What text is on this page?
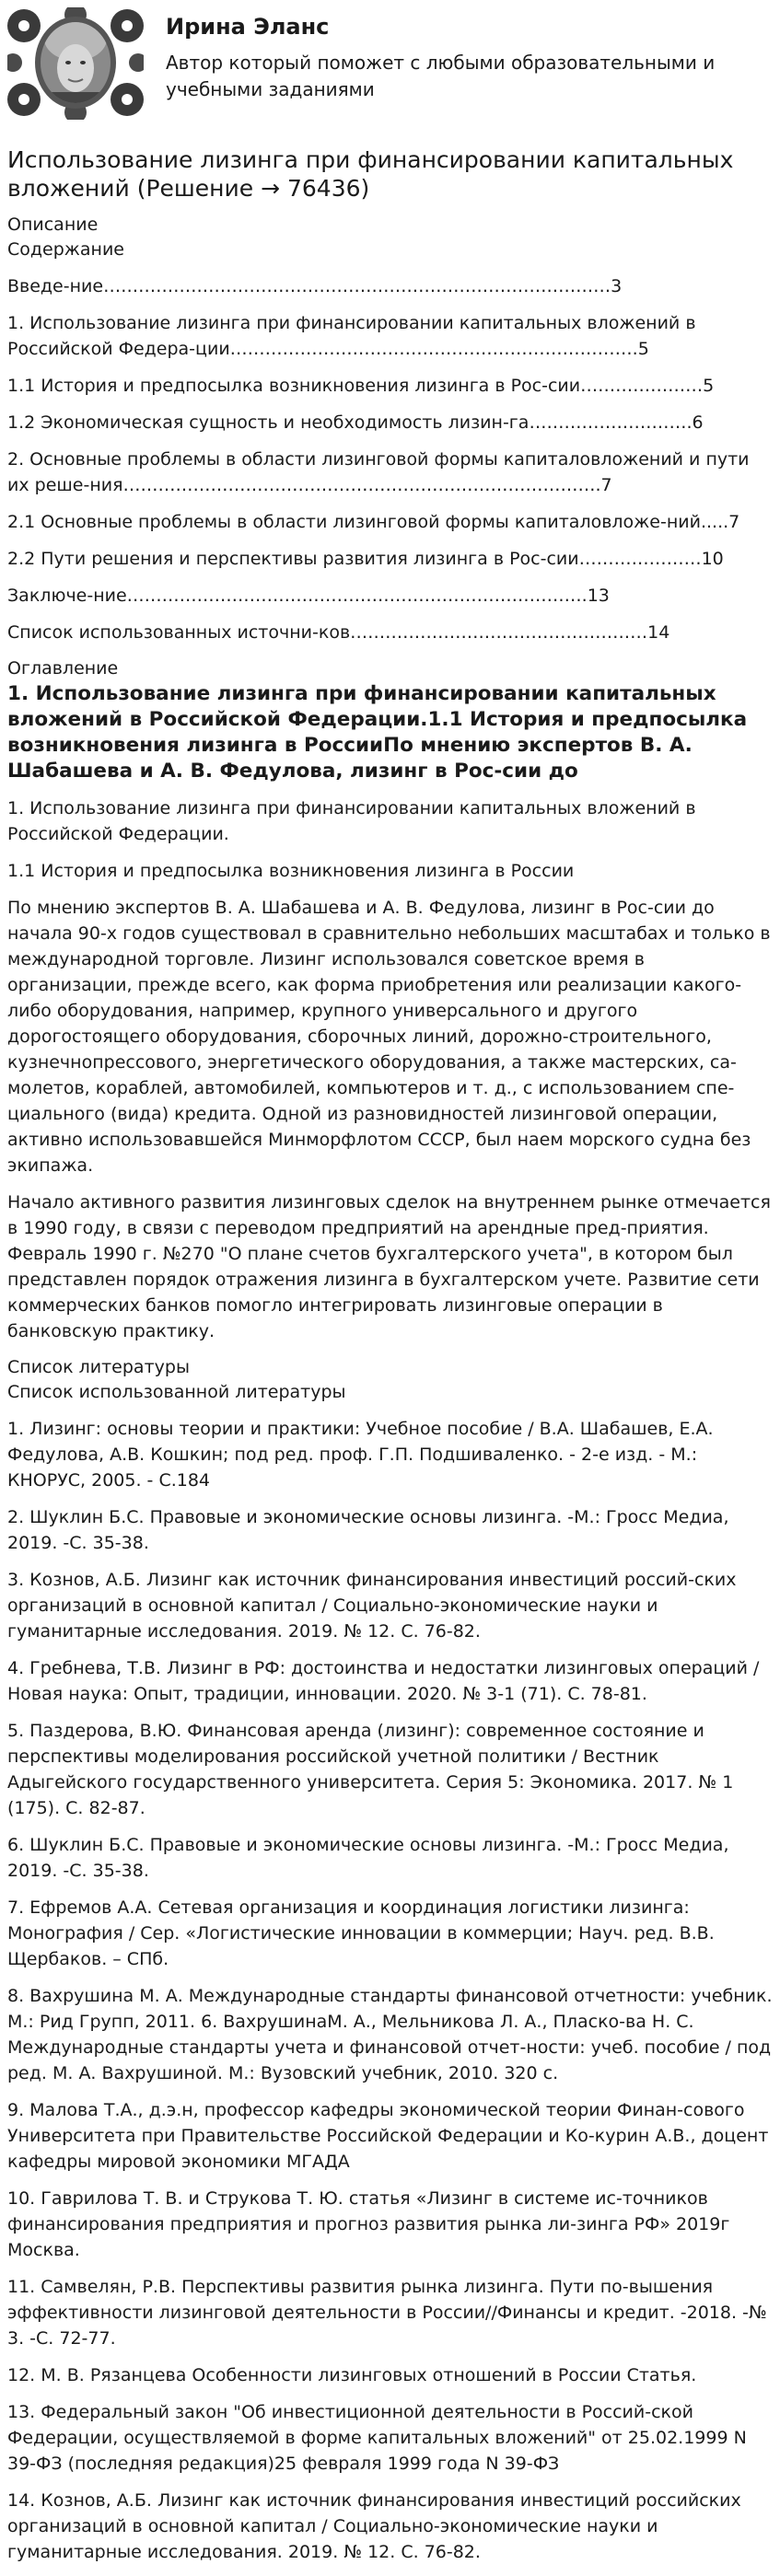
Ирина Эланс
Автор который поможет с любыми образовательными и учебными заданиями
Использование лизинга при финансировании капитальных вложений (Решение → 76436)
Описание
Содержание

Введе-ние……………………………………………………………………………3

1. Использование лизинга при финансировании капитальных вложений в Российской Федера-ции…………………………………………………………….5

1.1 История и предпосылка возникновения лизинга в Рос-сии…………………5

1.2 Экономическая сущность и необходимость лизин-га……………………….6

2. Основные проблемы в области лизинговой формы капиталовложений и пути их реше-ния……………………………………………………………………….7

2.1 Основные проблемы в области лизинговой формы капиталовложе-ний.....7

2.2 Пути решения и перспективы развития лизинга в Рос-сии…………………10

Заключе-ние…………………………………………………………………….13

Список использованных источни-ков……………………………………………14

Оглавление
1. Использование лизинга при финансировании капитальных вложений в Российской Федерации.1.1 История и предпосылка возникновения лизинга в РоссииПо мнению экспертов В. А. Шабашева и А. В. Федулова, лизинг в Рос-сии до

1. Использование лизинга при финансировании капитальных вложений в Российской Федерации.

1.1 История и предпосылка возникновения лизинга в России

По мнению экспертов В. А. Шабашева и А. В. Федулова, лизинг в Рос-сии до начала 90-х годов существовал в сравнительно небольших масштабах и только в международной торговле. Лизинг использовался советское время в организации, прежде всего, как форма приобретения или реализации какого-либо оборудования, например, крупного универсального и другого дорогостоящего оборудования, сборочных линий, дорожно-строительного, кузнечнопрессового, энергетического оборудования, а также мастерских, са-молетов, кораблей, автомобилей, компьютеров и т. д., с использованием спе-циального (вида) кредита. Одной из разновидностей лизинговой операции, активно использовавшейся Минморфлотом СССР, был наем морского судна без экипажа.

Начало активного развития лизинговых сделок на внутреннем рынке отмечается в 1990 году, в связи с переводом предприятий на арендные пред-приятия. Февраль 1990 г. №270 "О плане счетов бухгалтерского учета", в котором был представлен порядок отражения лизинга в бухгалтерском учете. Развитие сети коммерческих банков помогло интегрировать лизинговые операции в банковскую практику.

Список литературы
Список использованной литературы

1. Лизинг: основы теории и практики: Учебное пособие / В.А. Шабашев, Е.А. Федулова, А.В. Кошкин; под ред. проф. Г.П. Подшиваленко. - 2-е изд. - М.: КНОРУС, 2005. - С.184

2. Шуклин Б.С. Правовые и экономические основы лизинга. -М.: Гросс Медиа, 2019. -С. 35-38.

3. Кознов, А.Б. Лизинг как источник финансирования инвестиций россий-ских организаций в основной капитал / Социально-экономические науки и гуманитарные исследования. 2019. № 12. С. 76-82.

4. Гребнева, Т.В. Лизинг в РФ: достоинства и недостатки лизинговых операций / Новая наука: Опыт, традиции, инновации. 2020. № 3-1 (71). С. 78-81.

5. Паздерова, В.Ю. Финансовая аренда (лизинг): современное состояние и перспективы моделирования российской учетной политики / Вестник Адыгейского государственного университета. Серия 5: Экономика. 2017. № 1 (175). С. 82-87.

6. Шуклин Б.С. Правовые и экономические основы лизинга. -М.: Гросс Медиа, 2019. -С. 35-38.

7. Ефремов А.А. Сетевая организация и координация логистики лизинга: Монография / Сер. «Логистические инновации в коммерции; Науч. ред. В.В. Щербаков. – СПб.

8. Вахрушина М. А. Международные стандарты финансовой отчетности: учебник. М.: Рид Групп, 2011. 6. ВахрушинаМ. А., Мельникова Л. А., Пласко-ва Н. С. Международные стандарты учета и финансовой отчет-ности: учеб. пособие / под ред. М. А. Вахрушиной. М.: Вузовский учебник, 2010. 320 с.

9. Малова Т.А., д.э.н, профессор кафедры экономической теории Финан-сового Университета при Правительстве Российской Федерации и Ко-курин А.В., доцент кафедры мировой экономики МГАДА

10. Гаврилова Т. В. и Струкова Т. Ю. статья «Лизинг в системе ис-точников финансирования предприятия и прогноз развития рынка ли-зинга РФ» 2019г Москва.

11. Самвелян, Р.В. Перспективы развития рынка лизинга. Пути по-вышения эффективности лизинговой деятельности в России//Финансы и кредит. -2018. -№ 3. -С. 72-77.

12. М. В. Рязанцева Особенности лизинговых отношений в России Статья.

13. Федеральный закон "Об инвестиционной деятельности в Россий-ской Федерации, осуществляемой в форме капитальных вложений" от 25.02.1999 N 39-ФЗ (последняя редакция)25 февраля 1999 года N 39-ФЗ

14. Кознов, А.Б. Лизинг как источник финансирования инвестиций российских организаций в основной капитал / Социально-экономические науки и гуманитарные исследования. 2019. № 12. С. 76-82.
